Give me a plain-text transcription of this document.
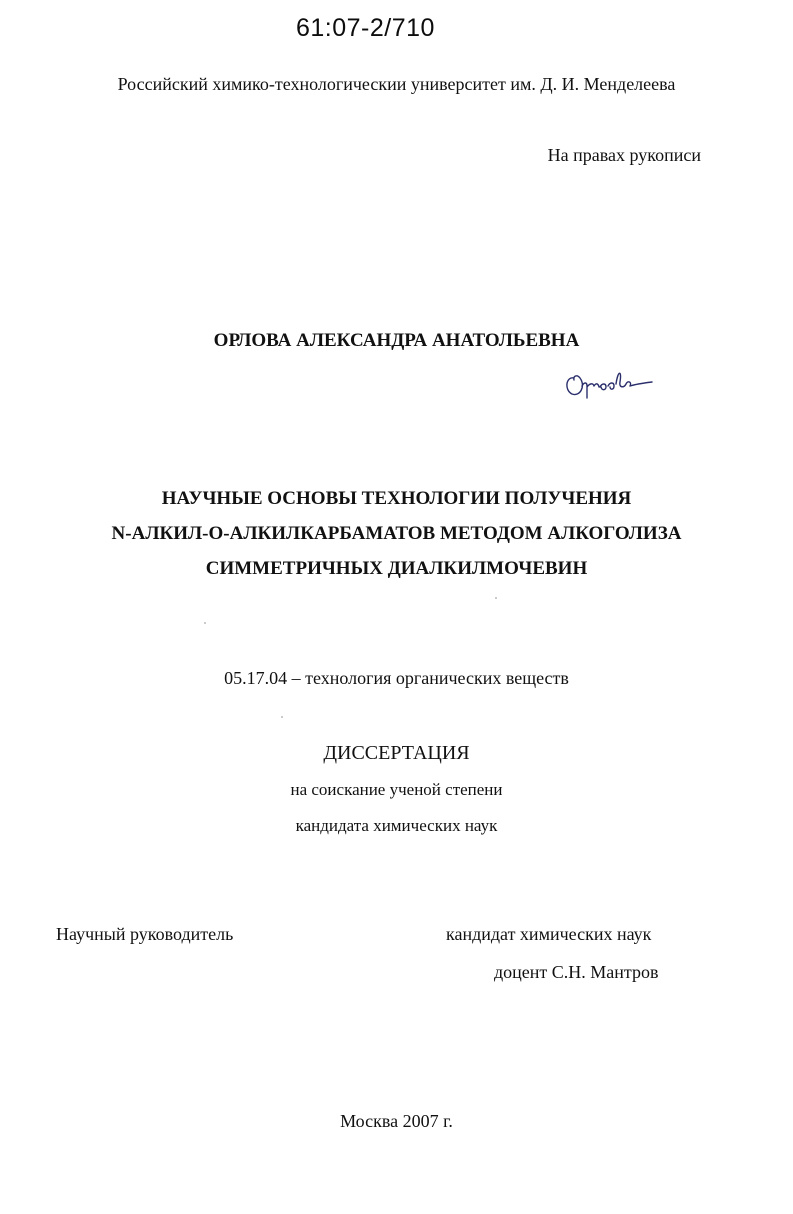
61:07-2/710
Российский химико-технологическии университет им. Д. И. Менделеева
На правах рукописи
ОРЛОВА АЛЕКСАНДРА АНАТОЛЬЕВНА
НАУЧНЫЕ ОСНОВЫ ТЕХНОЛОГИИ ПОЛУЧЕНИЯ
N-АЛКИЛ-О-АЛКИЛКАРБАМАТОВ МЕТОДОМ АЛКОГОЛИЗА
СИММЕТРИЧНЫХ ДИАЛКИЛМОЧЕВИН
05.17.04 – технология органических веществ
ДИССЕРТАЦИЯ
на соискание ученой степени
кандидата химических наук
Научный руководитель	кандидат химических наук
доцент С.Н. Мантров
Москва 2007 г.
